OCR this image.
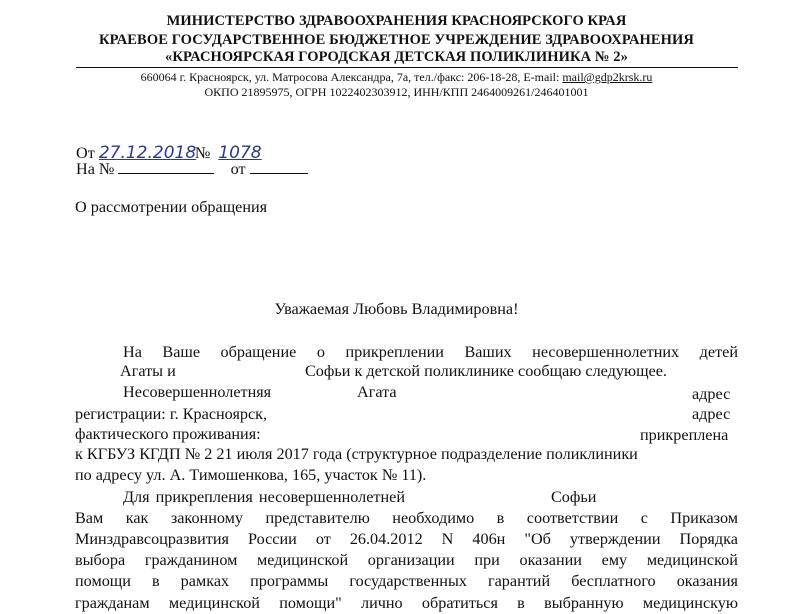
МИНИСТЕРСТВО ЗДРАВООХРАНЕНИЯ КРАСНОЯРСКОГО КРАЯ
КРАЕВОЕ ГОСУДАРСТВЕННОЕ БЮДЖЕТНОЕ УЧРЕЖДЕНИЕ ЗДРАВООХРАНЕНИЯ
«КРАСНОЯРСКАЯ ГОРОДСКАЯ ДЕТСКАЯ ПОЛИКЛИНИКА № 2»
660064 г. Красноярск, ул. Матросова Александра, 7а, тел./факс: 206-18-28, E-mail: mail@gdp2krsk.ru
ОКПО 21895975, ОГРН 1022402303912, ИНН/КПП 2464009261/246401001
От 27.12.2018 № 1078
На №	от
О рассмотрении обращения
Уважаемая Любовь Владимировна!
На Ваше обращение о прикреплении Ваших несовершеннолетних детей
Агаты и	Софьи к детской поликлинике сообщаю следующее.
Несовершеннолетняя	Агата	адрес
регистрации: г. Красноярск,	адрес
фактического проживания:	прикреплена
к КГБУЗ КГДП № 2 21 июля 2017 года (структурное подразделение поликлиники
по адресу ул. А. Тимошенкова, 165, участок № 11).
Для прикрепления несовершеннолетней	Софьи
Вам как законному представителю необходимо в соответствии с Приказом
Минздравсоцразвития России от 26.04.2012 N 406н "Об утверждении Порядка
выбора гражданином медицинской организации при оказании ему медицинской
помощи в рамках программы государственных гарантий бесплатного оказания
гражданам медицинской помощи" лично обратиться в выбранную медицинскую
